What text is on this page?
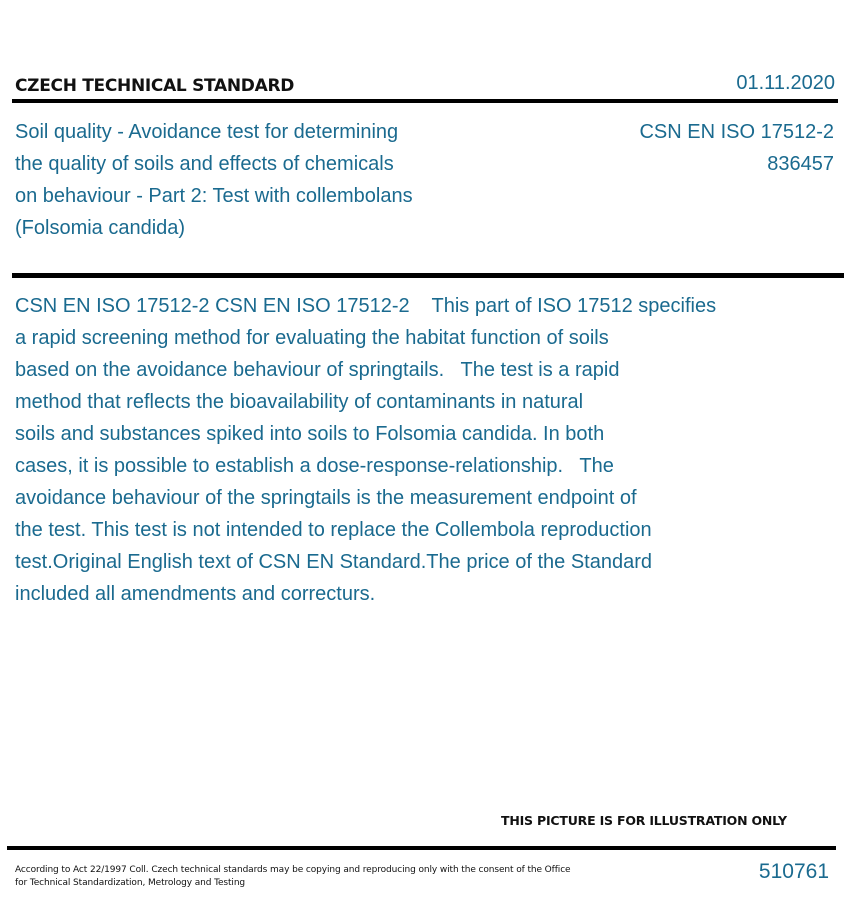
CZECH TECHNICAL STANDARD	01.11.2020
Soil quality - Avoidance test for determining
the quality of soils and effects of chemicals
on behaviour - Part 2: Test with collembolans
(Folsomia candida)
CSN EN ISO 17512-2
836457
CSN EN ISO 17512-2 CSN EN ISO 17512-2    This part of ISO 17512 specifies
a rapid screening method for evaluating the habitat function of soils
based on the avoidance behaviour of springtails.   The test is a rapid
method that reflects the bioavailability of contaminants in natural
soils and substances spiked into soils to Folsomia candida. In both
cases, it is possible to establish a dose-response-relationship.   The
avoidance behaviour of the springtails is the measurement endpoint of
the test. This test is not intended to replace the Collembola reproduction
test.Original English text of CSN EN Standard.The price of the Standard
included all amendments and correcturs.
THIS PICTURE IS FOR ILLUSTRATION ONLY
According to Act 22/1997 Coll. Czech technical standards may be copying and reproducing only with the consent of the Office
for Technical Standardization, Metrology and Testing	510761
